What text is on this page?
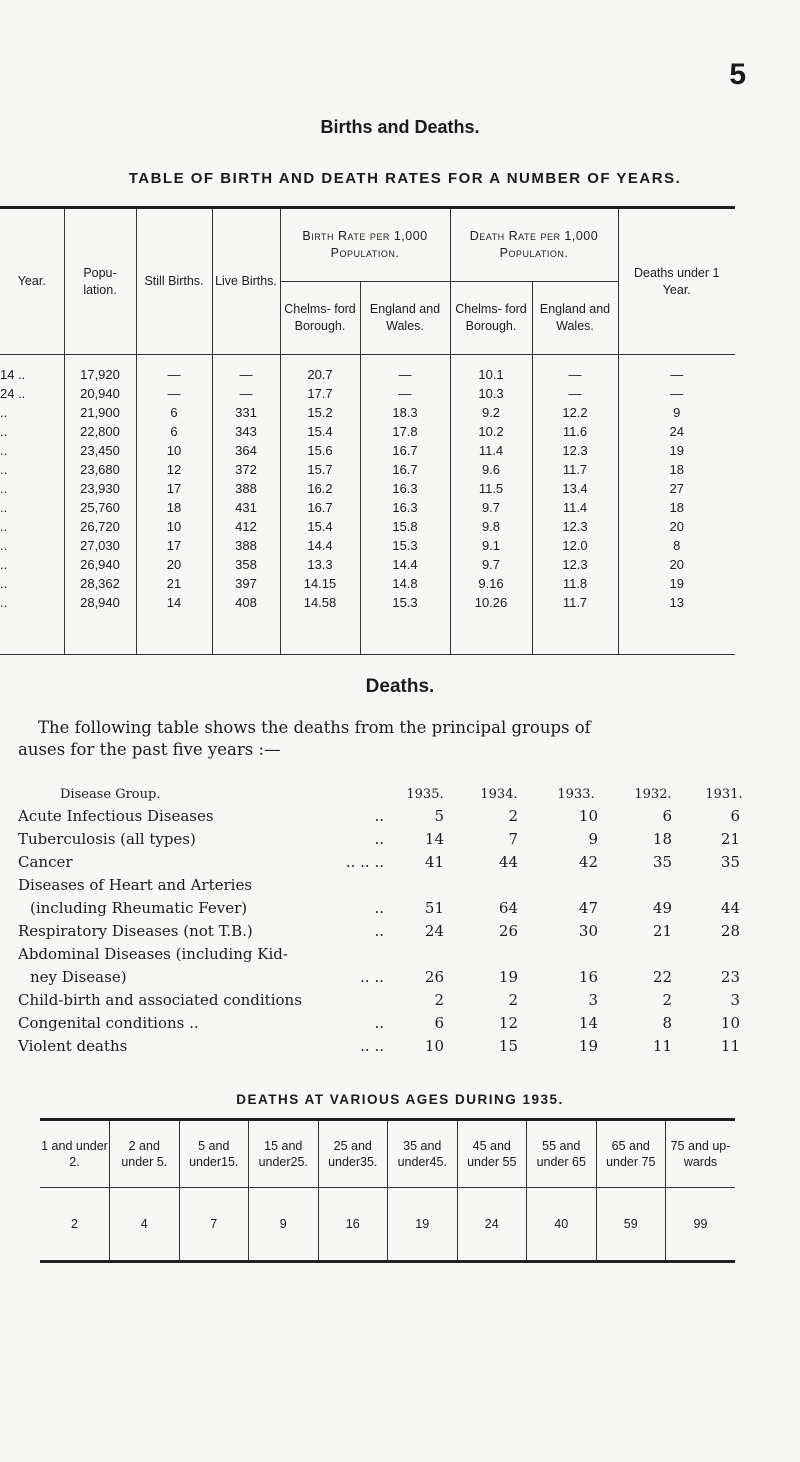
5
Births and Deaths.
TABLE OF BIRTH AND DEATH RATES FOR A NUMBER OF YEARS.
Year.	Popu- lation.	Still Births.	Live Births.	Birth Rate per 1,000 Population.		Death Rate per 1,000 Population.		Deaths under 1 Year.
				Chelms- ford Borough.	England and Wales.	Chelms- ford Borough.	England and Wales.	
14 ..	17,920	—	—	20.7	—	10.1	—	—
24 ..	20,940	—	—	17.7	—	10.3	—	—
..	21,900	6	331	15.2	18.3	9.2	12.2	9
..	22,800	6	343	15.4	17.8	10.2	11.6	24
..	23,450	10	364	15.6	16.7	11.4	12.3	19
..	23,680	12	372	15.7	16.7	9.6	11.7	18
..	23,930	17	388	16.2	16.3	11.5	13.4	27
..	25,760	18	431	16.7	16.3	9.7	11.4	18
..	26,720	10	412	15.4	15.8	9.8	12.3	20
..	27,030	17	388	14.4	15.3	9.1	12.0	8
..	26,940	20	358	13.3	14.4	9.7	12.3	20
..	28,362	21	397	14.15	14.8	9.16	11.8	19
..	28,940	14	408	14.58	15.3	10.26	11.7	13
Deaths.
The following table shows the deaths from the principal groups of
auses for the past five years :—
Disease Group.	1935.	1934.	1933.	1932.	1931.
Acute Infectious Diseases ..	5	2	10	6	6
Tuberculosis (all types) ..	14	7	9	18	21
Cancer .. .. ..	41	44	42	35	35
Diseases of Heart and Arteries

(including Rheumatic Fever) ..	51	64	47	49	44
Respiratory Diseases (not T.B.) ..	24	26	30	21	28
Abdominal Diseases (including Kid-

ney Disease) .. ..	26	19	16	22	23
Child-birth and associated conditions	2	2	3	2	3
Congenital conditions .. ..	6	12	14	8	10
Violent deaths .. ..	10	15	19	11	11
DEATHS AT VARIOUS AGES DURING 1935.
1 and under 2.	2 and under 5.	5 and under15.	15 and under25.	25 and under35.	35 and under45.	45 and under 55	55 and under 65	65 and under 75	75 and up- wards
2	4	7	9	16	19	24	40	59	99
